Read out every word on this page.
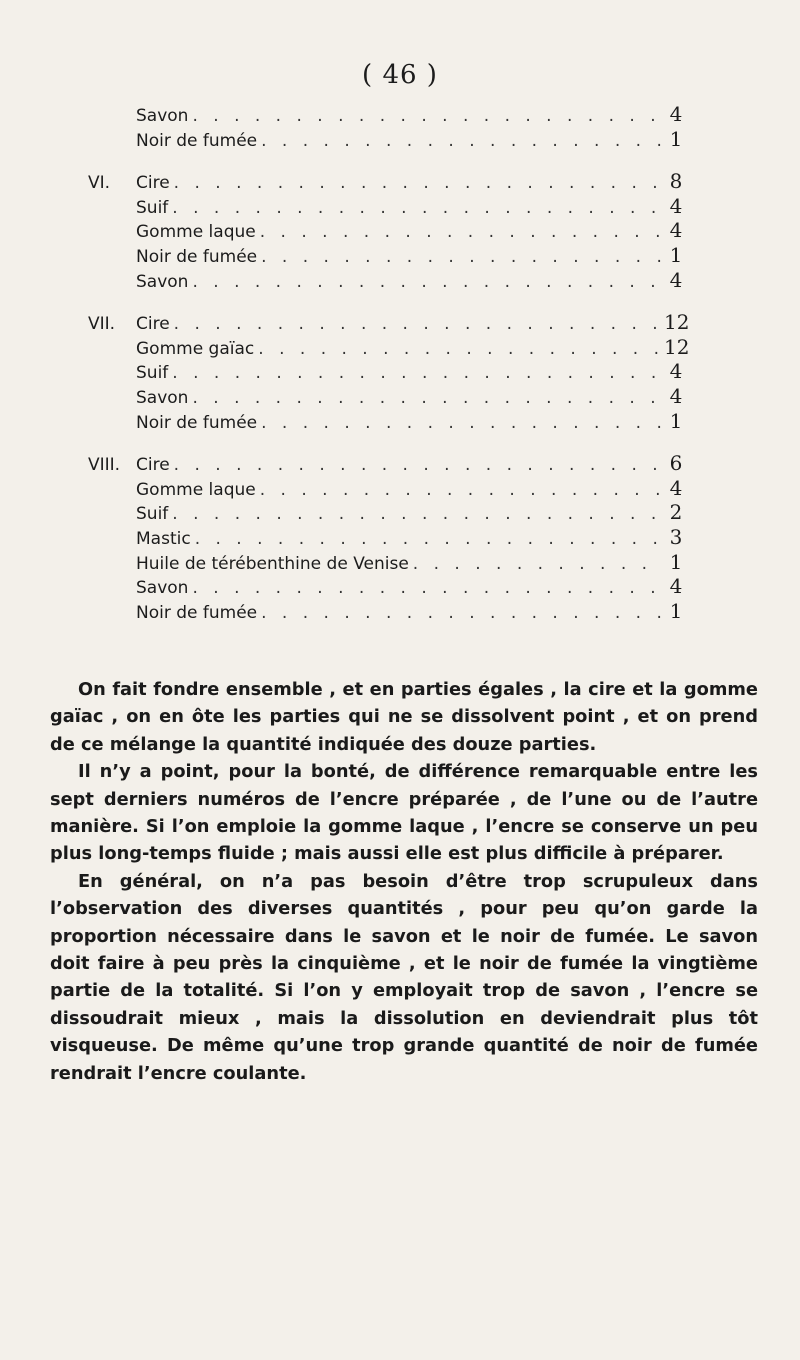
( 46 )
Savon . . .	4
Noir de fumée . . .	1
VI.	Cire . . .	8
Suif . . .	4
Gomme laque . . .	4
Noir de fumée . . .	1
Savon . . .	4
VII.	Cire . . .	12
Gomme gaïac . . .	12
Suif . . .	4
Savon . . .	4
Noir de fumée . . .	1
VIII. Cire . . .	6
Gomme laque . . .	4
Suif . . .	2
Mastic . . .	3
Huile de térébenthine de Venise . . .	1
Savon . . .	4
Noir de fumée . . .	1

On fait fondre ensemble , et en parties égales , la cire et la gomme gaïac , on en ôte les parties qui ne se dissolvent point , et on prend de ce mélange la quantité indiquée des douze parties.

Il n’y a point, pour la bonté, de différence remarquable entre les sept derniers numéros de l’encre préparée , de l’une ou de l’autre manière. Si l’on emploie la gomme laque , l’encre se conserve un peu plus long-temps fluide ; mais aussi elle est plus difficile à préparer.

En général, on n’a pas besoin d’être trop scrupuleux dans l’observation des diverses quantités , pour peu qu’on garde la proportion nécessaire dans le savon et le noir de fumée. Le savon doit faire à peu près la cinquième , et le noir de fumée la vingtième partie de la totalité. Si l’on y employait trop de savon , l’encre se dissoudrait mieux , mais la dissolution en deviendrait plus tôt visqueuse. De même qu’une trop grande quantité de noir de fumée rendrait l’encre coulante.
